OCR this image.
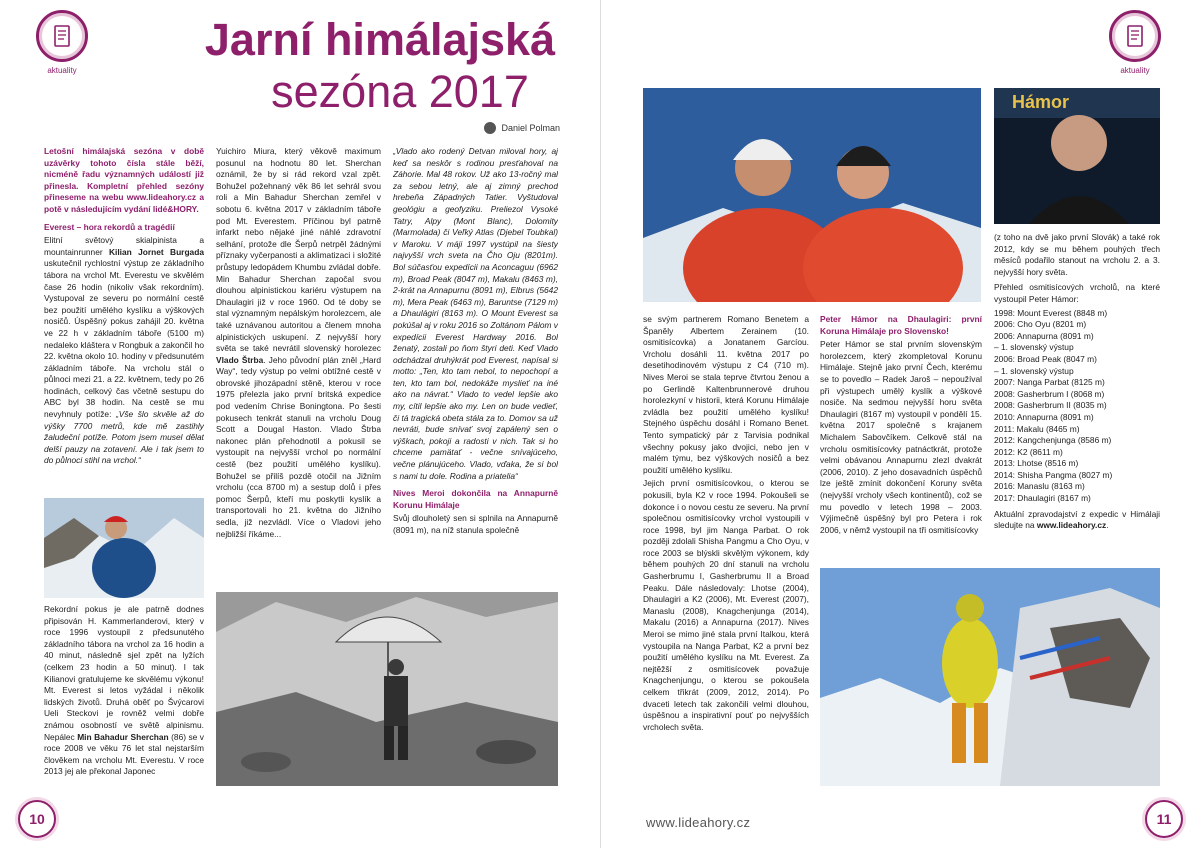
aktuality
Jarní himálajská
sezóna 2017
Daniel Polman

Letošní himálajská sezóna v době uzávěrky tohoto čísla stále běží, nicméně řadu významných událostí již přinesla. Kompletní přehled sezóny přineseme na webu www.lideahory.cz a potě v následujícím vydání lidé&HORY.

Everest – hora rekordů a tragédií

Elitní světový skialpinista a mountainrunner Kilian Jornet Burgada uskutečnil rychlostní výstup ze základního tábora na vrchol Mt. Everestu ve skvělém čase 26 hodin (nikoliv však rekordním). Vystupoval ze severu po normální cestě bez použití umělého kyslíku a výškových nosičů. Úspěšný pokus zahájil 20. května ve 22 h v základním táboře (5100 m) nedaleko kláštera v Rongbuk a zakončil ho 22. května okolo 10. hodiny v předsunutém základním táboře. Na vrcholu stál o půlnoci mezi 21. a 22. květnem, tedy po 26 hodinách, celkový čas včetně sestupu do ABC byl 38 hodin. Na cestě se mu nevyhnuly potíže: „Vše šlo skvěle až do výšky 7700 metrů, kde mě zastihly žaludeční potíže. Potom jsem musel dělat delší pauzy na zotavení. Ale i tak jsem to do půlnoci stihl na vrchol.“

Rekordní pokus je ale patrně dodnes připisován H. Kammerlanderovi, který v roce 1996 vystoupil z předsunutého základního tábora na vrchol za 16 hodin a 40 minut, následně sjel zpět na lyžích (celkem 23 hodin a 50 minut). I tak Kilianovi gratulujeme ke skvělému výkonu! Mt. Everest si letos vyžádal i několik lidských životů. Druhá oběť po Švýcarovi Ueli Steckovi je rovněž velmi dobře známou osobností ve světě alpinismu. Nepálec Min Bahadur Sherchan (86) se v roce 2008 ve věku 76 let stal nejstarším člověkem na vrcholu Mt. Everestu. V roce 2013 jej ale překonal Japonec

Yuichiro Miura, který věkově maximum posunul na hodnotu 80 let. Sherchan oznámil, že by si rád rekord vzal zpět. Bohužel požehnaný věk 86 let sehrál svou roli a Min Bahadur Sherchan zemřel v sobotu 6. května 2017 v základním táboře pod Mt. Everestem. Příčinou byl patrně infarkt nebo nějaké jiné náhlé zdravotní selhání, protože dle Šerpů netrpěl žádnými příznaky vyčerpanosti a aklimatizaci i složité průstupy ledopádem Khumbu zvládal dobře. Min Bahadur Sherchan započal svou dlouhou alpinistickou kariéru výstupem na Dhaulagiri již v roce 1960. Od té doby se stal významným nepálským horolezcem, ale také uznávanou autoritou a členem mnoha alpinistických uskupení. Z nejvyšší hory světa se také nevrátil slovenský horolezec Vlado Štrba. Jeho původní plán zněl „Hard Way“, tedy výstup po velmi obtížné cestě v obrovské jihozápadní stěně, kterou v roce 1975 přelezla jako první britská expedice pod vedením Chrise Boningtona. Po šesti pokusech tenkrát stanuli na vrcholu Doug Scott a Dougal Haston. Vlado Štrba nakonec plán přehodnotil a pokusil se vystoupit na nejvyšší vrchol po normální cestě (bez použití umělého kyslíku). Bohužel se přilíš pozdě otočil na Jižním vrcholu (cca 8700 m) a sestup dolů i přes pomoc Šerpů, kteří mu poskytli kyslík a transportovali ho 21. května do Jižního sedla, již nezvládl. Více o Vladovi jeho nejbližší říkáme...

„Vlado ako rodený Detvan miloval hory, aj keď sa neskôr s rodinou presťahoval na Záhorie. Mal 48 rokov. Už ako 13-ročný mal za sebou letný, ale aj zimný prechod hrebeňa Západných Tatier. Vyštudoval geológiu a geofyziku. Preliezol Vysoké Tatry, Alpy (Mont Blanc), Dolomity (Marmolada) či Veľký Atlas (Djebel Toubkal) v Maroku. V máji 1997 vystúpil na šiesty najvyšší vrch sveta na Čho Oju (8201m). Bol súčasťou expedícii na Aconcaguu (6962 m), Broad Peak (8047 m), Makalu (8463 m), 2-krát na Annapurnu (8091 m), Elbrus (5642 m), Mera Peak (6463 m), Baruntse (7129 m) a Dhaulágiri (8163 m). O Mount Everest sa pokúšal aj v roku 2016 so Zoltánom Pálom v expedícii Everest Hardway 2016. Bol ženatý, zostali po ňom štyri deti. Keď Vlado odchádzal druhýkrát pod Everest, napísal si motto: „Ten, kto tam nebol, to nepochopí a ten, kto tam bol, nedokáže myslieť na iné ako na návrat.“ Vlado to vedel lepšie ako my, cítil lepšie ako my. Len on bude vedieť, či tá tragická obeta stála za to. Domov sa už nevráti, bude snívať svoj zapálený sen o výškach, pokoji a radosti v nich. Tak si ho chceme pamätať - večne snívajúceho, večne plánujúceho. Vlado, vďaka, že si bol s nami tu dole. Rodina a priatelia“

Nives Meroi dokončila na Annapurně Korunu Himálaje

Svůj dlouholetý sen si splnila na Annapurně (8091 m), na níž stanula společně

10
aktuality
Hámor

se svým partnerem Romano Benetem a Španěly Albertem Zerainem (10. osmitisícovka) a Jonatanem Garcíou. Vrcholu dosáhli 11. května 2017 po desetihodinovém výstupu z C4 (710 m). Nives Meroi se stala teprve čtvrtou ženou a po Gerlindě Kaltenbrunnerové druhou horolezkyní v historii, která Korunu Himálaje zvládla bez použití umělého kyslíku! Stejného úspěchu dosáhl i Romano Benet. Tento sympatický pár z Tarvisia podnikal všechny pokusy jako dvojici, nebo jen v malém týmu, bez výškových nosičů a bez použití umělého kyslíku.

Jejich první osmitisícovkou, o kterou se pokusili, byla K2 v roce 1994. Pokoušeli se dokonce i o novou cestu ze severu. Na první společnou osmitisícovky vrchol vystoupili v roce 1998, byl jim Nanga Parbat. O rok později zdolali Shisha Pangmu a Cho Oyu, v roce 2003 se blýskli skvělým výkonem, kdy během pouhých 20 dní stanuli na vrcholu Gasherbrumu I, Gasherbrumu II a Broad Peaku. Dále následovaly: Lhotse (2004), Dhaulagiri a K2 (2006), Mt. Everest (2007), Manaslu (2008), Knagchenjunga (2014), Makalu (2016) a Annapurna (2017). Nives Meroi se mimo jiné stala první Italkou, která vystoupila na Nanga Parbat, K2 a první bez použití umělého kyslíku na Mt. Everest. Za nejtěžší z osmitisícovek považuje Knagchenjungu, o kterou se pokoušela celkem třikrát (2009, 2012, 2014). Po dvaceti letech tak zakončili velmi dlouhou, úspěšnou a inspirativní pouť po nejvyšších vrcholech světa.

Peter Hámor na Dhaulagiri: první Koruna Himálaje pro Slovensko!

Peter Hámor se stal prvním slovenským horolezcem, který zkompletoval Korunu Himálaje. Stejně jako první Čech, kterému se to povedlo – Radek Jaroš – nepoužíval při výstupech umělý kyslík a výškové nosiče. Na sedmou nejvyšší horu světa Dhaulagiri (8167 m) vystoupil v pondělí 15. května 2017 společně s krajanem Michalem Sabovčíkem. Celkově stál na vrcholu osmitisícovky patnáctkrát, protože velmi obávanou Annapurnu zlezl dvakrát (2006, 2010). Z jeho dosavadních úspěchů lze ještě zmínit dokončení Koruny světa (nejvyšší vrcholy všech kontinentů), což se mu povedlo v letech 1998 – 2003. Výjimečně úspěšný byl pro Petera i rok 2006, v němž vystoupil na tři osmitisícovky

(z toho na dvě jako první Slovák) a také rok 2012, kdy se mu během pouhých třech měsíců podařilo stanout na vrcholu 2. a 3. nejvyšší hory světa.

Přehled osmitisícových vrcholů, na které vystoupil Peter Hámor:

1998: Mount Everest (8848 m)
2006: Cho Oyu (8201 m)
2006: Annapurna (8091 m)
– 1. slovenský výstup
2006: Broad Peak (8047 m)
– 1. slovenský výstup
2007: Nanga Parbat (8125 m)
2008: Gasherbrum I (8068 m)
2008: Gasherbrum II (8035 m)
2010: Annapurna (8091 m)
2011: Makalu (8465 m)
2012: Kangchenjunga (8586 m)
2012: K2 (8611 m)
2013: Lhotse (8516 m)
2014: Shisha Pangma (8027 m)
2016: Manaslu (8163 m)
2017: Dhaulagiri (8167 m)

Aktuální zpravodajství z expedic v Himálaji sledujte na www.lideahory.cz.

www.lideahory.cz	11
